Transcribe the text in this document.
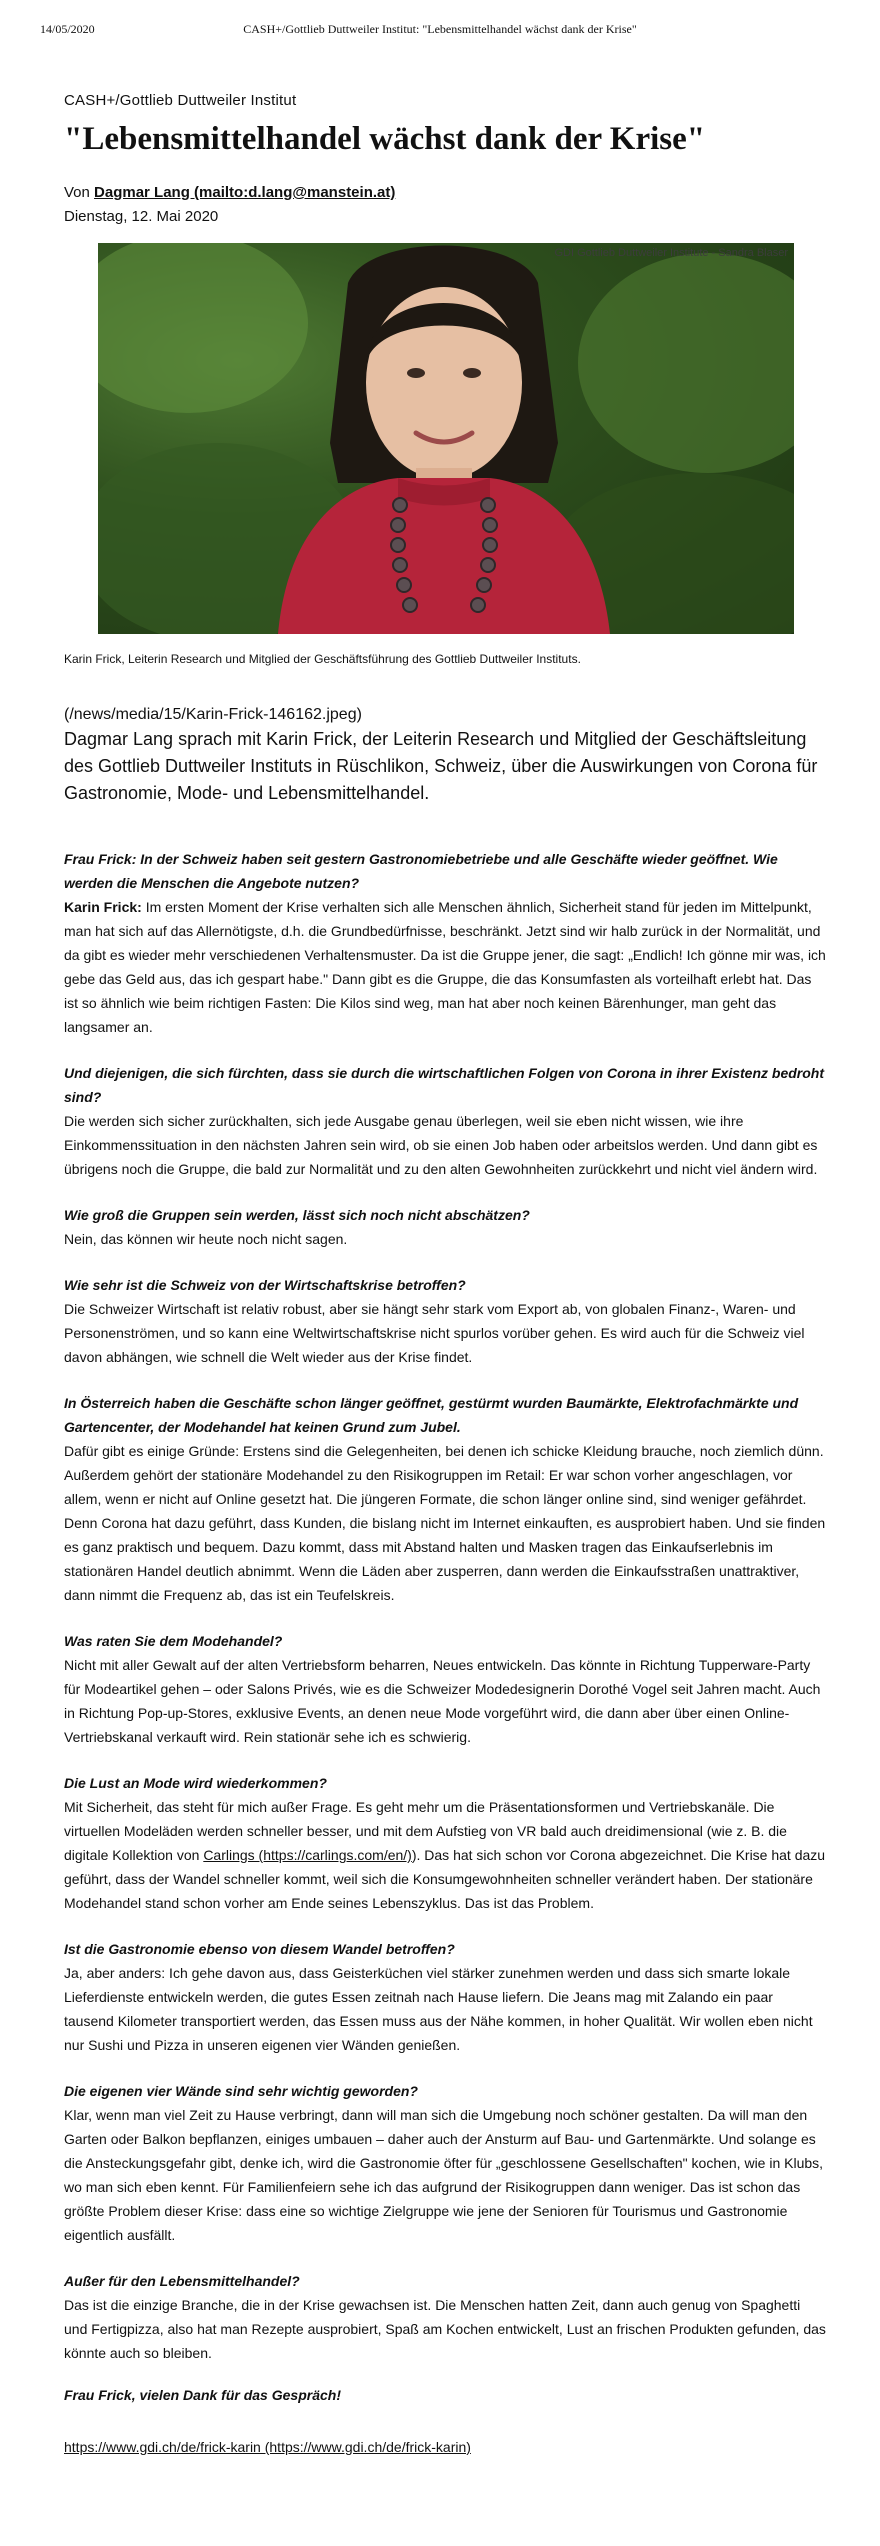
14/05/2020	CASH+/Gottlieb Duttweiler Institut: "Lebensmittelhandel wächst dank der Krise"

CASH+/Gottlieb Duttweiler Institut

"Lebensmittelhandel wächst dank der Krise"

Von Dagmar Lang (mailto:d.lang@manstein.at)

Dienstag, 12. Mai 2020

GDI Gottlieb Duttweiler Institute - Sandra Blaser

Karin Frick, Leiterin Research und Mitglied der Geschäftsführung des Gottlieb Duttweiler Instituts.

(/news/media/15/Karin-Frick-146162.jpeg)

Dagmar Lang sprach mit Karin Frick, der Leiterin Research und Mitglied der Geschäftsleitung des Gottlieb Duttweiler Instituts in Rüschlikon, Schweiz, über die Auswirkungen von Corona für Gastronomie, Mode- und Lebensmittelhandel.

Frau Frick: In der Schweiz haben seit gestern Gastronomiebetriebe und alle Geschäfte wieder geöffnet. Wie werden die Menschen die Angebote nutzen?

Karin Frick: Im ersten Moment der Krise verhalten sich alle Menschen ähnlich, Sicherheit stand für jeden im Mittelpunkt, man hat sich auf das Allernötigste, d.h. die Grundbedürfnisse, beschränkt. Jetzt sind wir halb zurück in der Normalität, und da gibt es wieder mehr verschiedenen Verhaltensmuster. Da ist die Gruppe jener, die sagt: „Endlich! Ich gönne mir was, ich gebe das Geld aus, das ich gespart habe." Dann gibt es die Gruppe, die das Konsumfasten als vorteilhaft erlebt hat. Das ist so ähnlich wie beim richtigen Fasten: Die Kilos sind weg, man hat aber noch keinen Bärenhunger, man geht das langsamer an.

Und diejenigen, die sich fürchten, dass sie durch die wirtschaftlichen Folgen von Corona in ihrer Existenz bedroht sind?

Die werden sich sicher zurückhalten, sich jede Ausgabe genau überlegen, weil sie eben nicht wissen, wie ihre Einkommenssituation in den nächsten Jahren sein wird, ob sie einen Job haben oder arbeitslos werden. Und dann gibt es übrigens noch die Gruppe, die bald zur Normalität und zu den alten Gewohnheiten zurückkehrt und nicht viel ändern wird.

Wie groß die Gruppen sein werden, lässt sich noch nicht abschätzen?

Nein, das können wir heute noch nicht sagen.

Wie sehr ist die Schweiz von der Wirtschaftskrise betroffen?

Die Schweizer Wirtschaft ist relativ robust, aber sie hängt sehr stark vom Export ab, von globalen Finanz-, Waren- und Personenströmen, und so kann eine Weltwirtschaftskrise nicht spurlos vorüber gehen. Es wird auch für die Schweiz viel davon abhängen, wie schnell die Welt wieder aus der Krise findet.

In Österreich haben die Geschäfte schon länger geöffnet, gestürmt wurden Baumärkte, Elektrofachmärkte und Gartencenter, der Modehandel hat keinen Grund zum Jubel.

Dafür gibt es einige Gründe: Erstens sind die Gelegenheiten, bei denen ich schicke Kleidung brauche, noch ziemlich dünn. Außerdem gehört der stationäre Modehandel zu den Risikogruppen im Retail: Er war schon vorher angeschlagen, vor allem, wenn er nicht auf Online gesetzt hat. Die jüngeren Formate, die schon länger online sind, sind weniger gefährdet. Denn Corona hat dazu geführt, dass Kunden, die bislang nicht im Internet einkauften, es ausprobiert haben. Und sie finden es ganz praktisch und bequem. Dazu kommt, dass mit Abstand halten und Masken tragen das Einkaufserlebnis im stationären Handel deutlich abnimmt. Wenn die Läden aber zusperren, dann werden die Einkaufsstraßen unattraktiver, dann nimmt die Frequenz ab, das ist ein Teufelskreis.

Was raten Sie dem Modehandel?

Nicht mit aller Gewalt auf der alten Vertriebsform beharren, Neues entwickeln. Das könnte in Richtung Tupperware-Party für Modeartikel gehen – oder Salons Privés, wie es die Schweizer Modedesignerin Dorothé Vogel seit Jahren macht. Auch in Richtung Pop-up-Stores, exklusive Events, an denen neue Mode vorgeführt wird, die dann aber über einen Online-Vertriebskanal verkauft wird. Rein stationär sehe ich es schwierig.

Die Lust an Mode wird wiederkommen?

Mit Sicherheit, das steht für mich außer Frage. Es geht mehr um die Präsentationsformen und Vertriebskanäle. Die virtuellen Modeläden werden schneller besser, und mit dem Aufstieg von VR bald auch dreidimensional (wie z. B. die digitale Kollektion von Carlings (https://carlings.com/en/)). Das hat sich schon vor Corona abgezeichnet. Die Krise hat dazu geführt, dass der Wandel schneller kommt, weil sich die Konsumgewohnheiten schneller verändert haben. Der stationäre Modehandel stand schon vorher am Ende seines Lebenszyklus. Das ist das Problem.

Ist die Gastronomie ebenso von diesem Wandel betroffen?

Ja, aber anders: Ich gehe davon aus, dass Geisterküchen viel stärker zunehmen werden und dass sich smarte lokale Lieferdienste entwickeln werden, die gutes Essen zeitnah nach Hause liefern. Die Jeans mag mit Zalando ein paar tausend Kilometer transportiert werden, das Essen muss aus der Nähe kommen, in hoher Qualität. Wir wollen eben nicht nur Sushi und Pizza in unseren eigenen vier Wänden genießen.

Die eigenen vier Wände sind sehr wichtig geworden?

Klar, wenn man viel Zeit zu Hause verbringt, dann will man sich die Umgebung noch schöner gestalten. Da will man den Garten oder Balkon bepflanzen, einiges umbauen – daher auch der Ansturm auf Bau- und Gartenmärkte. Und solange es die Ansteckungsgefahr gibt, denke ich, wird die Gastronomie öfter für „geschlossene Gesellschaften" kochen, wie in Klubs, wo man sich eben kennt. Für Familienfeiern sehe ich das aufgrund der Risikogruppen dann weniger. Das ist schon das größte Problem dieser Krise: dass eine so wichtige Zielgruppe wie jene der Senioren für Tourismus und Gastronomie eigentlich ausfällt.

Außer für den Lebensmittelhandel?

Das ist die einzige Branche, die in der Krise gewachsen ist. Die Menschen hatten Zeit, dann auch genug von Spaghetti und Fertigpizza, also hat man Rezepte ausprobiert, Spaß am Kochen entwickelt, Lust an frischen Produkten gefunden, das könnte auch so bleiben.

Frau Frick, vielen Dank für das Gespräch!

https://www.gdi.ch/de/frick-karin (https://www.gdi.ch/de/frick-karin)
